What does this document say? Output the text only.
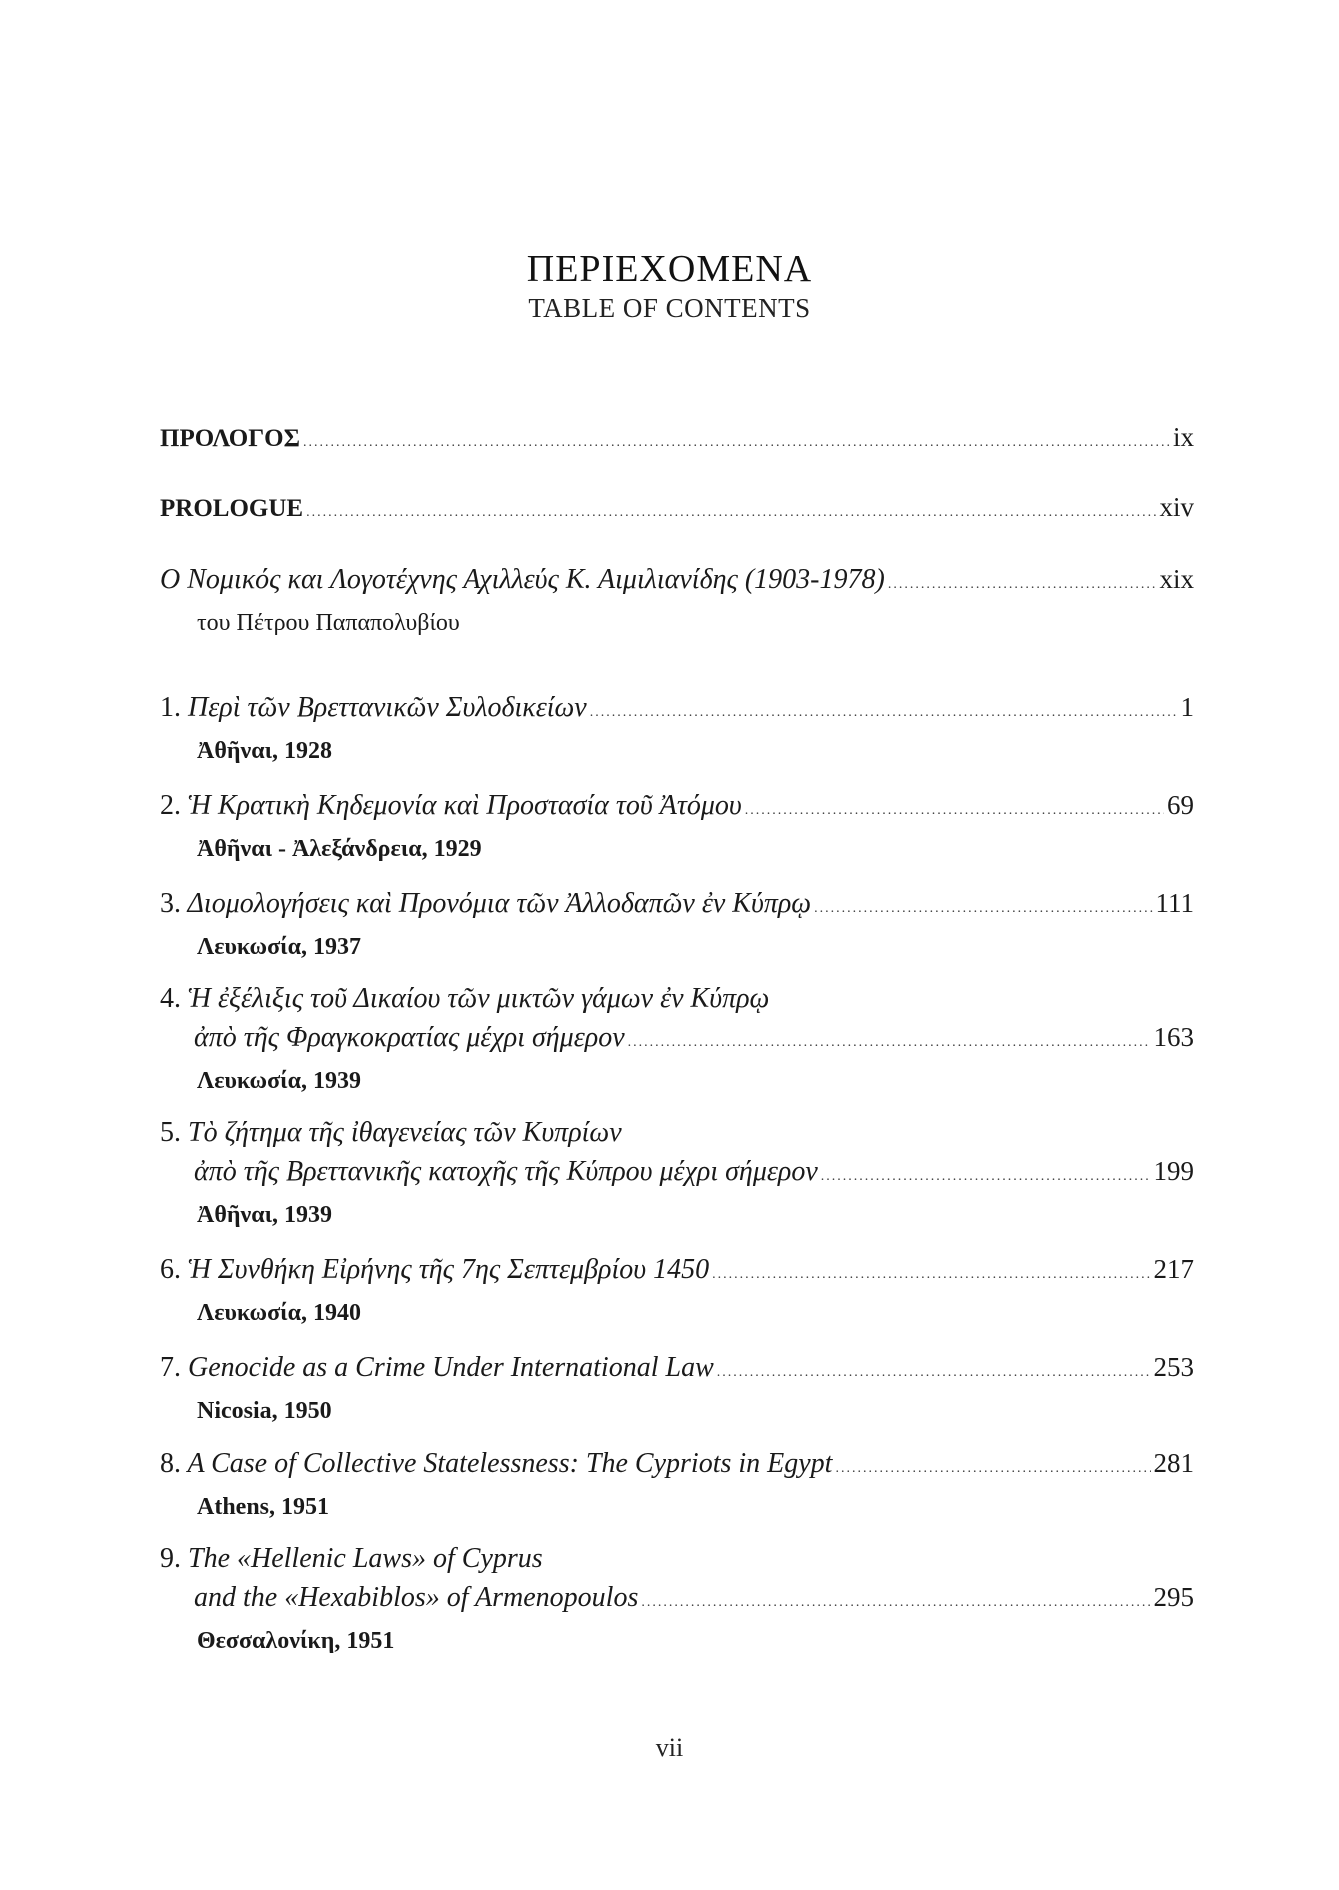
ΠΕΡΙΕΧΟΜΕΝΑ
TABLE OF CONTENTS
ΠΡΟΛΟΓΟΣ .....	ix
PROLOGUE .....	xiv
Ο Νομικός και Λογοτέχνης Αχιλλεύς Κ. Αιμιλιανίδης (1903-1978) .....	xix
του Πέτρου Παπαπολυβίου
1. Περὶ τῶν Βρεττανικῶν Συλοδικείων .....	1
Ἀθῆναι, 1928
2. Ἡ Κρατικὴ Κηδεμονία καὶ Προστασία τοῦ Ἀτόμου .....	69
Ἀθῆναι - Ἀλεξάνδρεια, 1929
3. Διομολογήσεις καὶ Προνόμια τῶν Ἀλλοδαπῶν ἐν Κύπρῳ .....	111
Λευκωσία, 1937
4. Ἡ ἐξέλιξις τοῦ Δικαίου τῶν μικτῶν γάμων ἐν Κύπρῳ
ἀπὸ τῆς Φραγκοκρατίας μέχρι σήμερον .....	163
Λευκωσία, 1939
5. Τὸ ζήτημα τῆς ἰθαγενείας τῶν Κυπρίων
ἀπὸ τῆς Βρεττανικῆς κατοχῆς τῆς Κύπρου μέχρι σήμερον .....	199
Ἀθῆναι, 1939
6. Ἡ Συνθήκη Εἰρήνης τῆς 7ης Σεπτεμβρίου 1450 .....	217
Λευκωσία, 1940
7. Genocide as a Crime Under International Law .....	253
Nicosia, 1950
8. A Case of Collective Statelessness: The Cypriots in Egypt .....	281
Athens, 1951
9. The «Hellenic Laws» of Cyprus
and the «Hexabiblos» of Armenopoulos .....	295
Θεσσαλονίκη, 1951
vii
